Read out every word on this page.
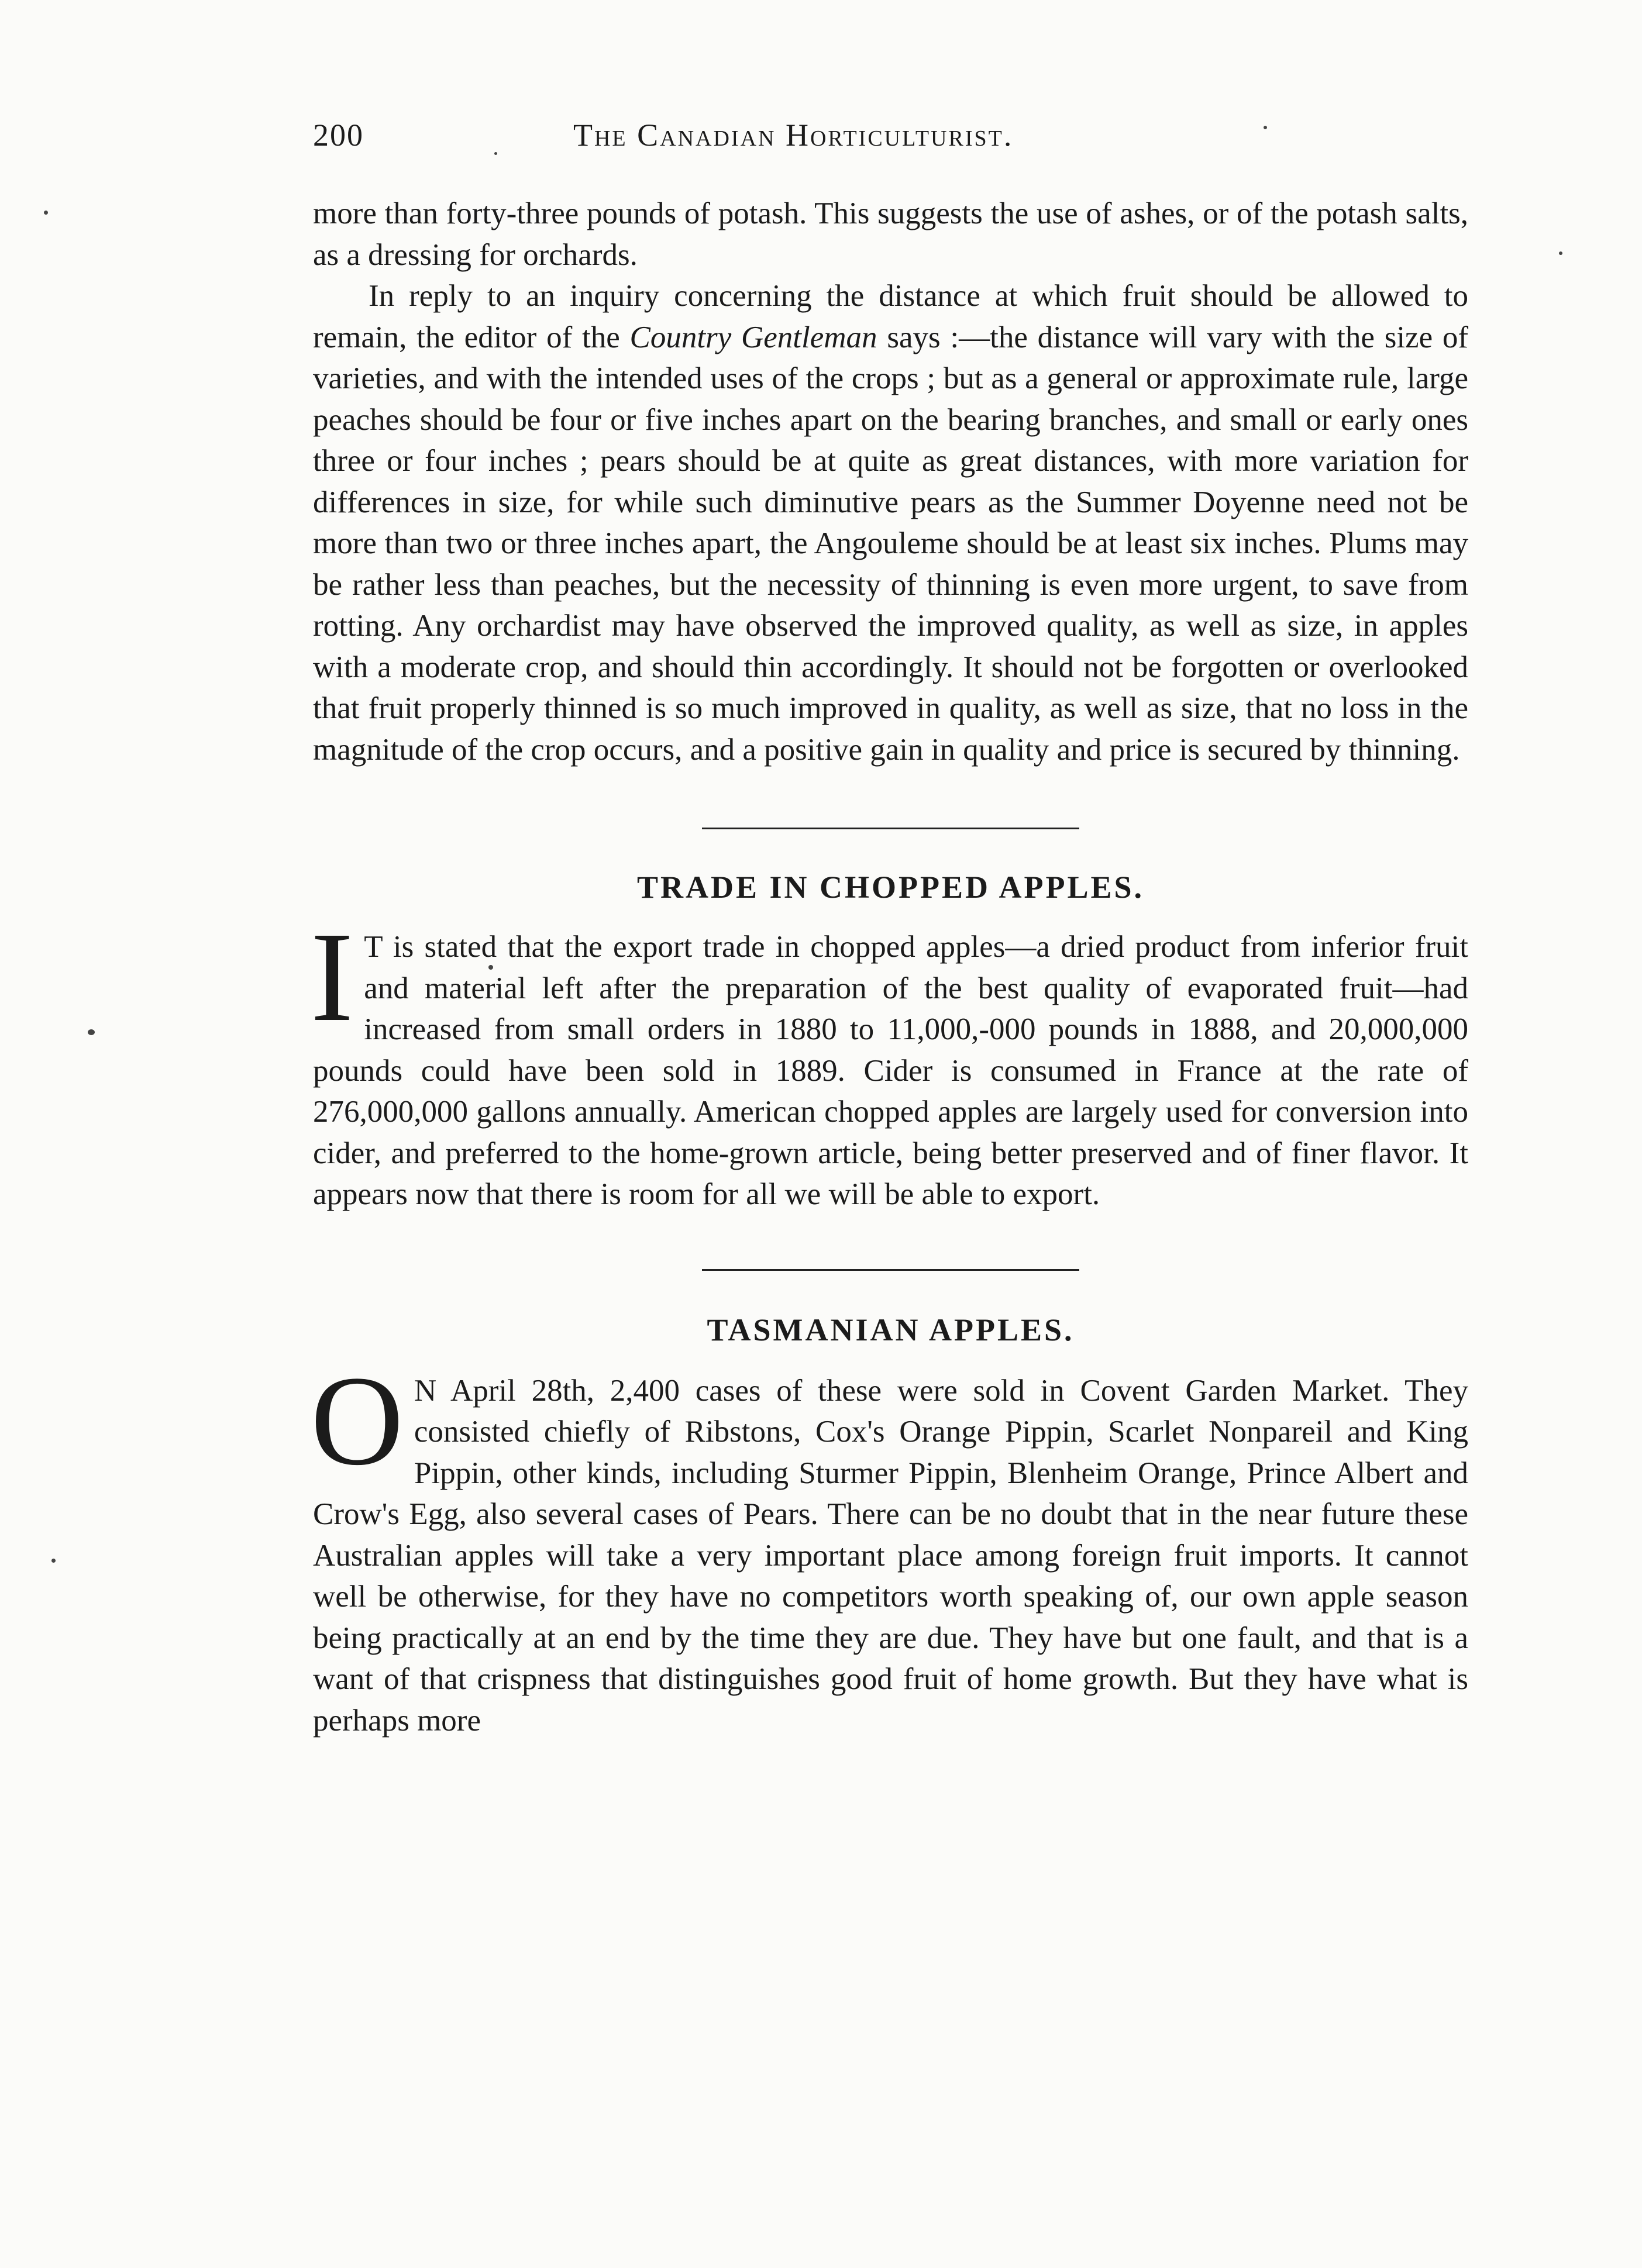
200	The Canadian Horticulturist.

more than forty-three pounds of potash. This suggests the use of ashes, or of the potash salts, as a dressing for orchards.

In reply to an inquiry concerning the distance at which fruit should be allowed to remain, the editor of the Country Gentleman says :—the distance will vary with the size of varieties, and with the intended uses of the crops ; but as a general or approximate rule, large peaches should be four or five inches apart on the bearing branches, and small or early ones three or four inches ; pears should be at quite as great distances, with more variation for differences in size, for while such diminutive pears as the Summer Doyenne need not be more than two or three inches apart, the Angouleme should be at least six inches. Plums may be rather less than peaches, but the necessity of thinning is even more urgent, to save from rotting. Any orchardist may have observed the improved quality, as well as size, in apples with a moderate crop, and should thin accordingly. It should not be forgotten or overlooked that fruit properly thinned is so much improved in quality, as well as size, that no loss in the magnitude of the crop occurs, and a positive gain in quality and price is secured by thinning.

TRADE IN CHOPPED APPLES.

I T is stated that the export trade in chopped apples—a dried product from inferior fruit and material left after the preparation of the best quality of evaporated fruit—had increased from small orders in 1880 to 11,000,-000 pounds in 1888, and 20,000,000 pounds could have been sold in 1889. Cider is consumed in France at the rate of 276,000,000 gallons annually. American chopped apples are largely used for conversion into cider, and preferred to the home-grown article, being better preserved and of finer flavor. It appears now that there is room for all we will be able to export.

TASMANIAN APPLES.

O N April 28th, 2,400 cases of these were sold in Covent Garden Market. They consisted chiefly of Ribstons, Cox's Orange Pippin, Scarlet Nonpareil and King Pippin, other kinds, including Sturmer Pippin, Blenheim Orange, Prince Albert and Crow's Egg, also several cases of Pears. There can be no doubt that in the near future these Australian apples will take a very important place among foreign fruit imports. It cannot well be otherwise, for they have no competitors worth speaking of, our own apple season being practically at an end by the time they are due. They have but one fault, and that is a want of that crispness that distinguishes good fruit of home growth. But they have what is perhaps more
